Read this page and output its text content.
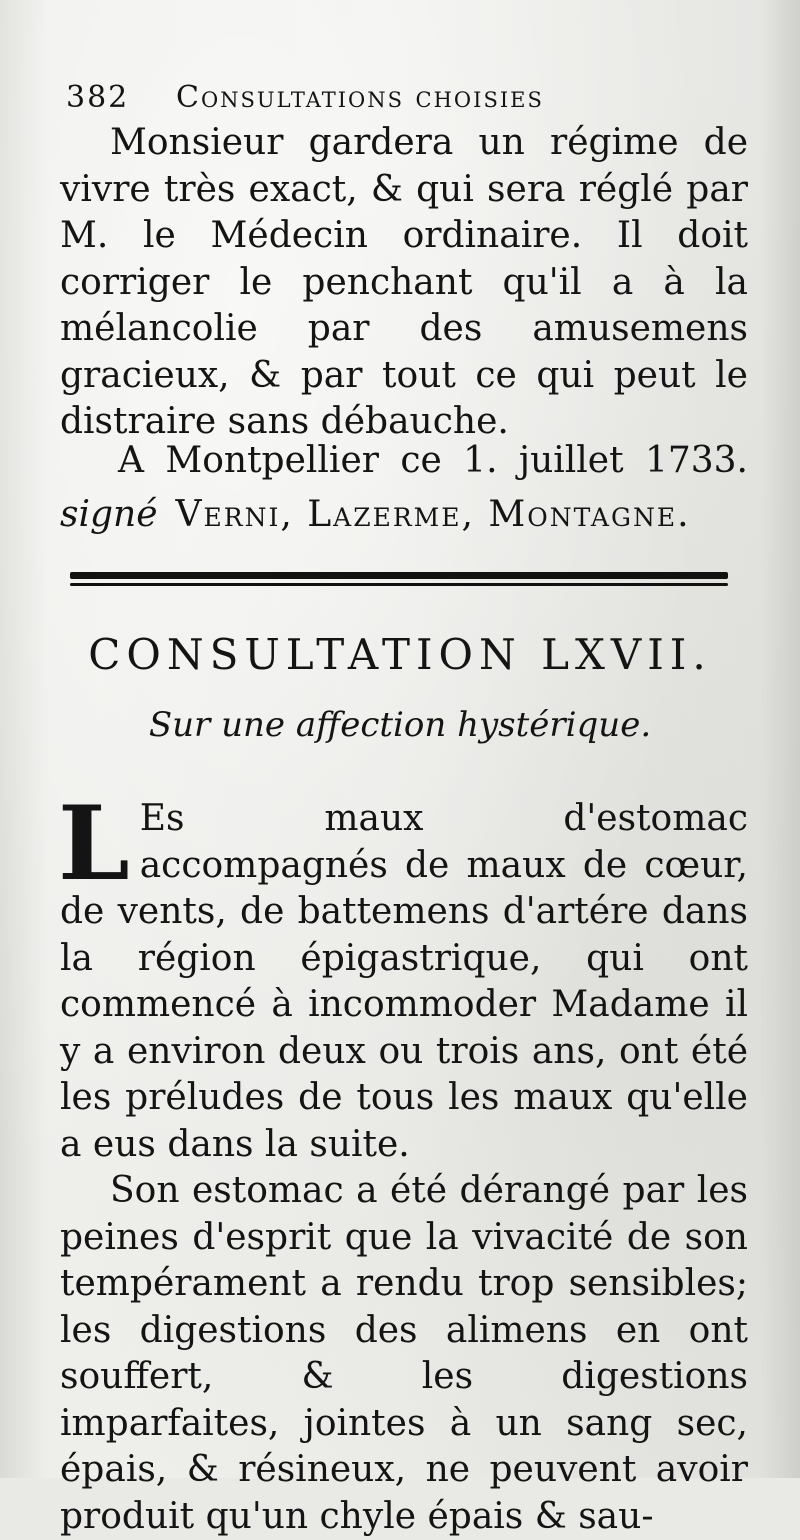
382	Consultations choisies

Monsieur gardera un régime de vivre très exact, & qui sera réglé par M. le Médecin ordinaire. Il doit corriger le penchant qu'il a à la mélancolie par des amusemens gracieux, & par tout ce qui peut le distraire sans débauche.

A Montpellier ce 1. juillet 1733.
signé Verni, Lazerme, Montagne.
CONSULTATION LXVII.
Sur une affection hystérique.

L Es maux d'estomac accompagnés de maux de cœur, de vents, de battemens d'artére dans la région épigastrique, qui ont commencé à incommoder Madame il y a environ deux ou trois ans, ont été les préludes de tous les maux qu'elle a eus dans la suite.

Son estomac a été dérangé par les peines d'esprit que la vivacité de son tempérament a rendu trop sensibles; les digestions des alimens en ont souffert, & les digestions imparfaites, jointes à un sang sec, épais, & résineux, ne peuvent avoir produit qu'un chyle épais & sau-
